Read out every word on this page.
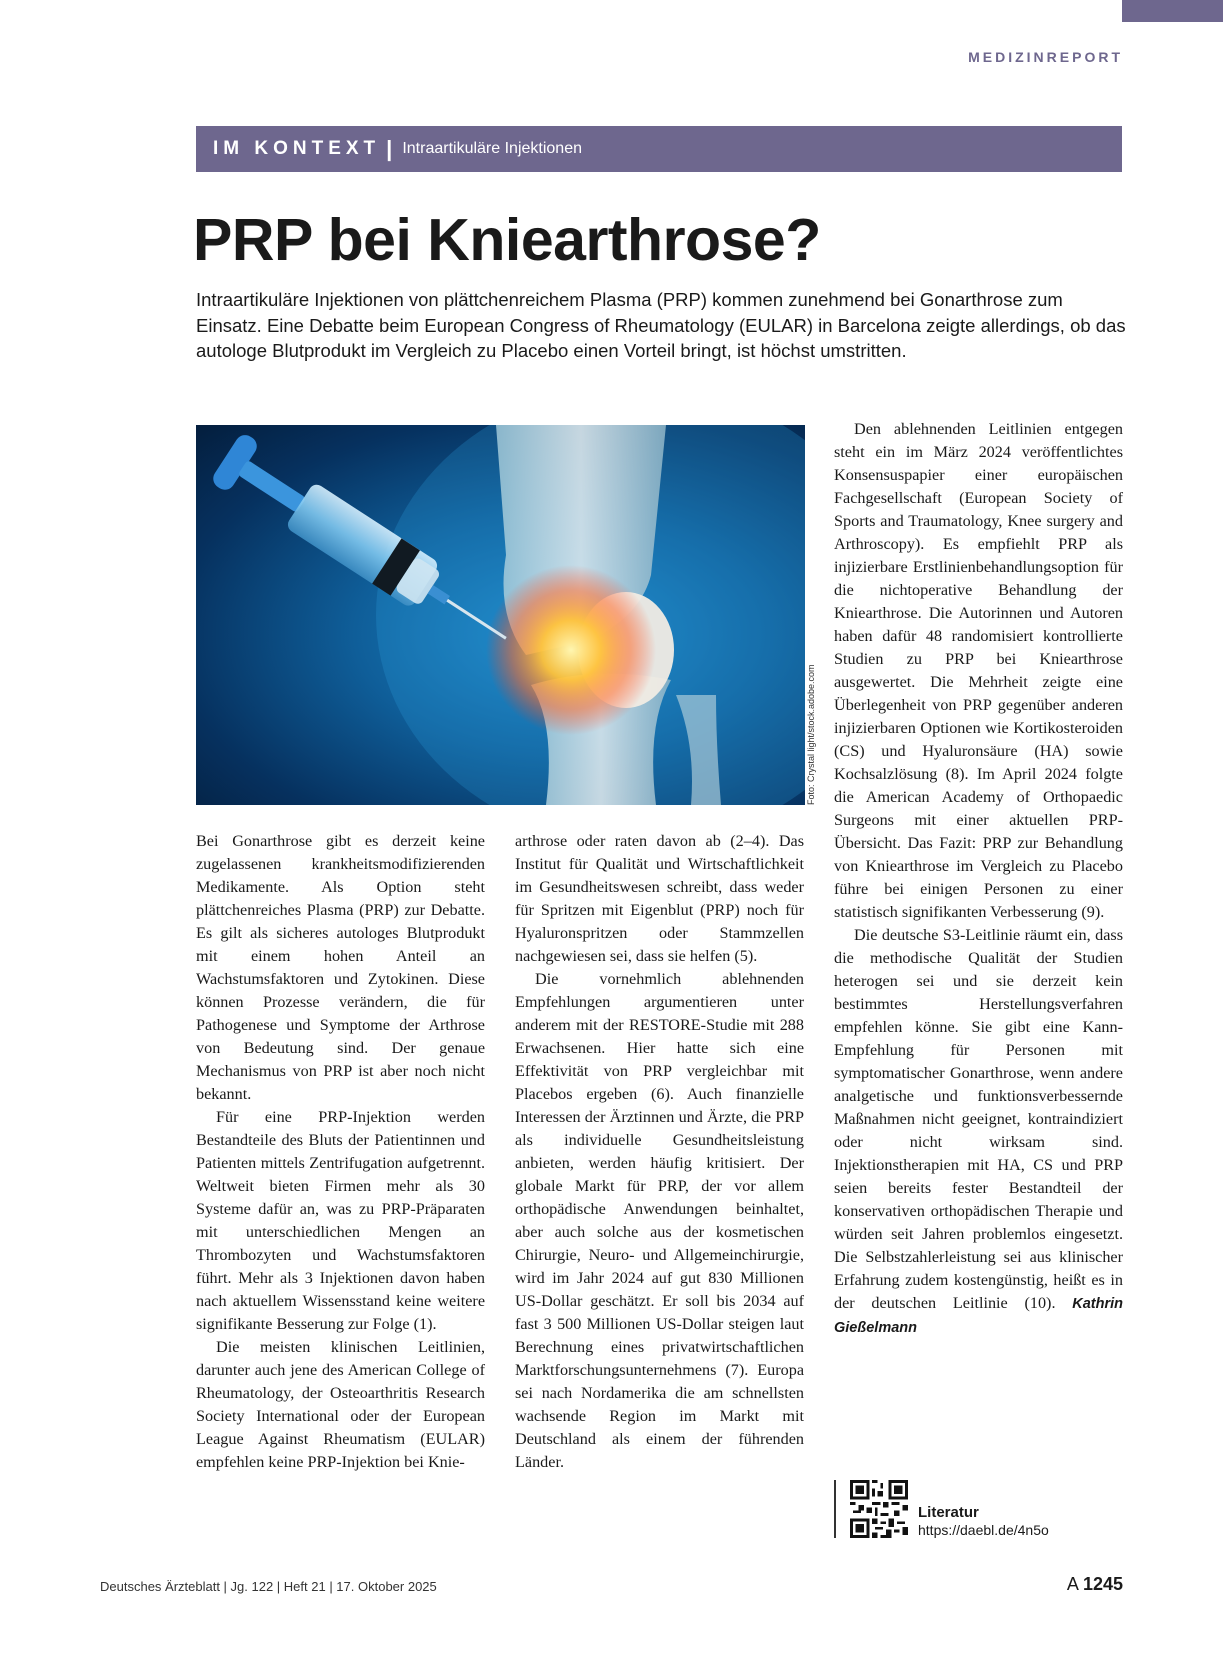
MEDIZINREPORT
IM KONTEXT | Intraartikuläre Injektionen
PRP bei Kniearthrose?

Intraartikuläre Injektionen von plättchenreichem Plasma (PRP) kommen zunehmend bei Gonarthrose zum Einsatz. Eine Debatte beim European Congress of Rheumatology (EULAR) in Barcelona zeigte allerdings, ob das autologe Blutprodukt im Vergleich zu Placebo einen Vorteil bringt, ist höchst umstritten.

Foto: Crystal light/stock.adobe.com

Bei Gonarthrose gibt es derzeit keine zugelassenen krankheitsmodifizierenden Medikamente. Als Option steht plättchenreiches Plasma (PRP) zur Debatte. Es gilt als sicheres autologes Blutprodukt mit einem hohen Anteil an Wachstumsfaktoren und Zytokinen. Diese können Prozesse verändern, die für Pathogenese und Symptome der Arthrose von Bedeutung sind. Der genaue Mechanismus von PRP ist aber noch nicht bekannt.

Für eine PRP-Injektion werden Bestandteile des Bluts der Patientinnen und Patienten mittels Zentrifugation aufgetrennt. Weltweit bieten Firmen mehr als 30 Systeme dafür an, was zu PRP-Präparaten mit unterschiedlichen Mengen an Thrombozyten und Wachstumsfaktoren führt. Mehr als 3 Injektionen davon haben nach aktuellem Wissensstand keine weitere signifikante Besserung zur Folge (1).

Die meisten klinischen Leitlinien, darunter auch jene des American College of Rheumatology, der Osteoarthritis Research Society International oder der European League Against Rheumatism (EULAR) empfehlen keine PRP-Injektion bei Knie-

arthrose oder raten davon ab (2–4). Das Institut für Qualität und Wirtschaftlichkeit im Gesundheitswesen schreibt, dass weder für Spritzen mit Eigenblut (PRP) noch für Hyaluronspritzen oder Stammzellen nachgewiesen sei, dass sie helfen (5).

Die vornehmlich ablehnenden Empfehlungen argumentieren unter anderem mit der RESTORE-Studie mit 288 Erwachsenen. Hier hatte sich eine Effektivität von PRP vergleichbar mit Placebos ergeben (6). Auch finanzielle Interessen der Ärztinnen und Ärzte, die PRP als individuelle Gesundheitsleistung anbieten, werden häufig kritisiert. Der globale Markt für PRP, der vor allem orthopädische Anwendungen beinhaltet, aber auch solche aus der kosmetischen Chirurgie, Neuro- und Allgemeinchirurgie, wird im Jahr 2024 auf gut 830 Millionen US-Dollar geschätzt. Er soll bis 2034 auf fast 3 500 Millionen US-Dollar steigen laut Berechnung eines privatwirtschaftlichen Marktforschungsunternehmens (7). Europa sei nach Nordamerika die am schnellsten wachsende Region im Markt mit Deutschland als einem der führenden Länder.

Den ablehnenden Leitlinien entgegen steht ein im März 2024 veröffentlichtes Konsensuspapier einer europäischen Fachgesellschaft (European Society of Sports and Traumatology, Knee surgery and Arthroscopy). Es empfiehlt PRP als injizierbare Erstlinienbehandlungsoption für die nichtoperative Behandlung der Kniearthrose. Die Autorinnen und Autoren haben dafür 48 randomisiert kontrollierte Studien zu PRP bei Kniearthrose ausgewertet. Die Mehrheit zeigte eine Überlegenheit von PRP gegenüber anderen injizierbaren Optionen wie Kortikosteroiden (CS) und Hyaluronsäure (HA) sowie Kochsalzlösung (8). Im April 2024 folgte die American Academy of Orthopaedic Surgeons mit einer aktuellen PRP-Übersicht. Das Fazit: PRP zur Behandlung von Kniearthrose im Vergleich zu Placebo führe bei einigen Personen zu einer statistisch signifikanten Verbesserung (9).

Die deutsche S3-Leitlinie räumt ein, dass die methodische Qualität der Studien heterogen sei und sie derzeit kein bestimmtes Herstellungsverfahren empfehlen könne. Sie gibt eine Kann-Empfehlung für Personen mit symptomatischer Gonarthrose, wenn andere analgetische und funktionsverbessernde Maßnahmen nicht geeignet, kontraindiziert oder nicht wirksam sind. Injektionstherapien mit HA, CS und PRP seien bereits fester Bestandteil der konservativen orthopädischen Therapie und würden seit Jahren problemlos eingesetzt. Die Selbstzahlerleistung sei aus klinischer Erfahrung zudem kostengünstig, heißt es in der deutschen Leitlinie (10). Kathrin Gießelmann

Literatur
https://daebl.de/4n5o
Deutsches Ärzteblatt | Jg. 122 | Heft 21 | 17. Oktober 2025	A 1245
